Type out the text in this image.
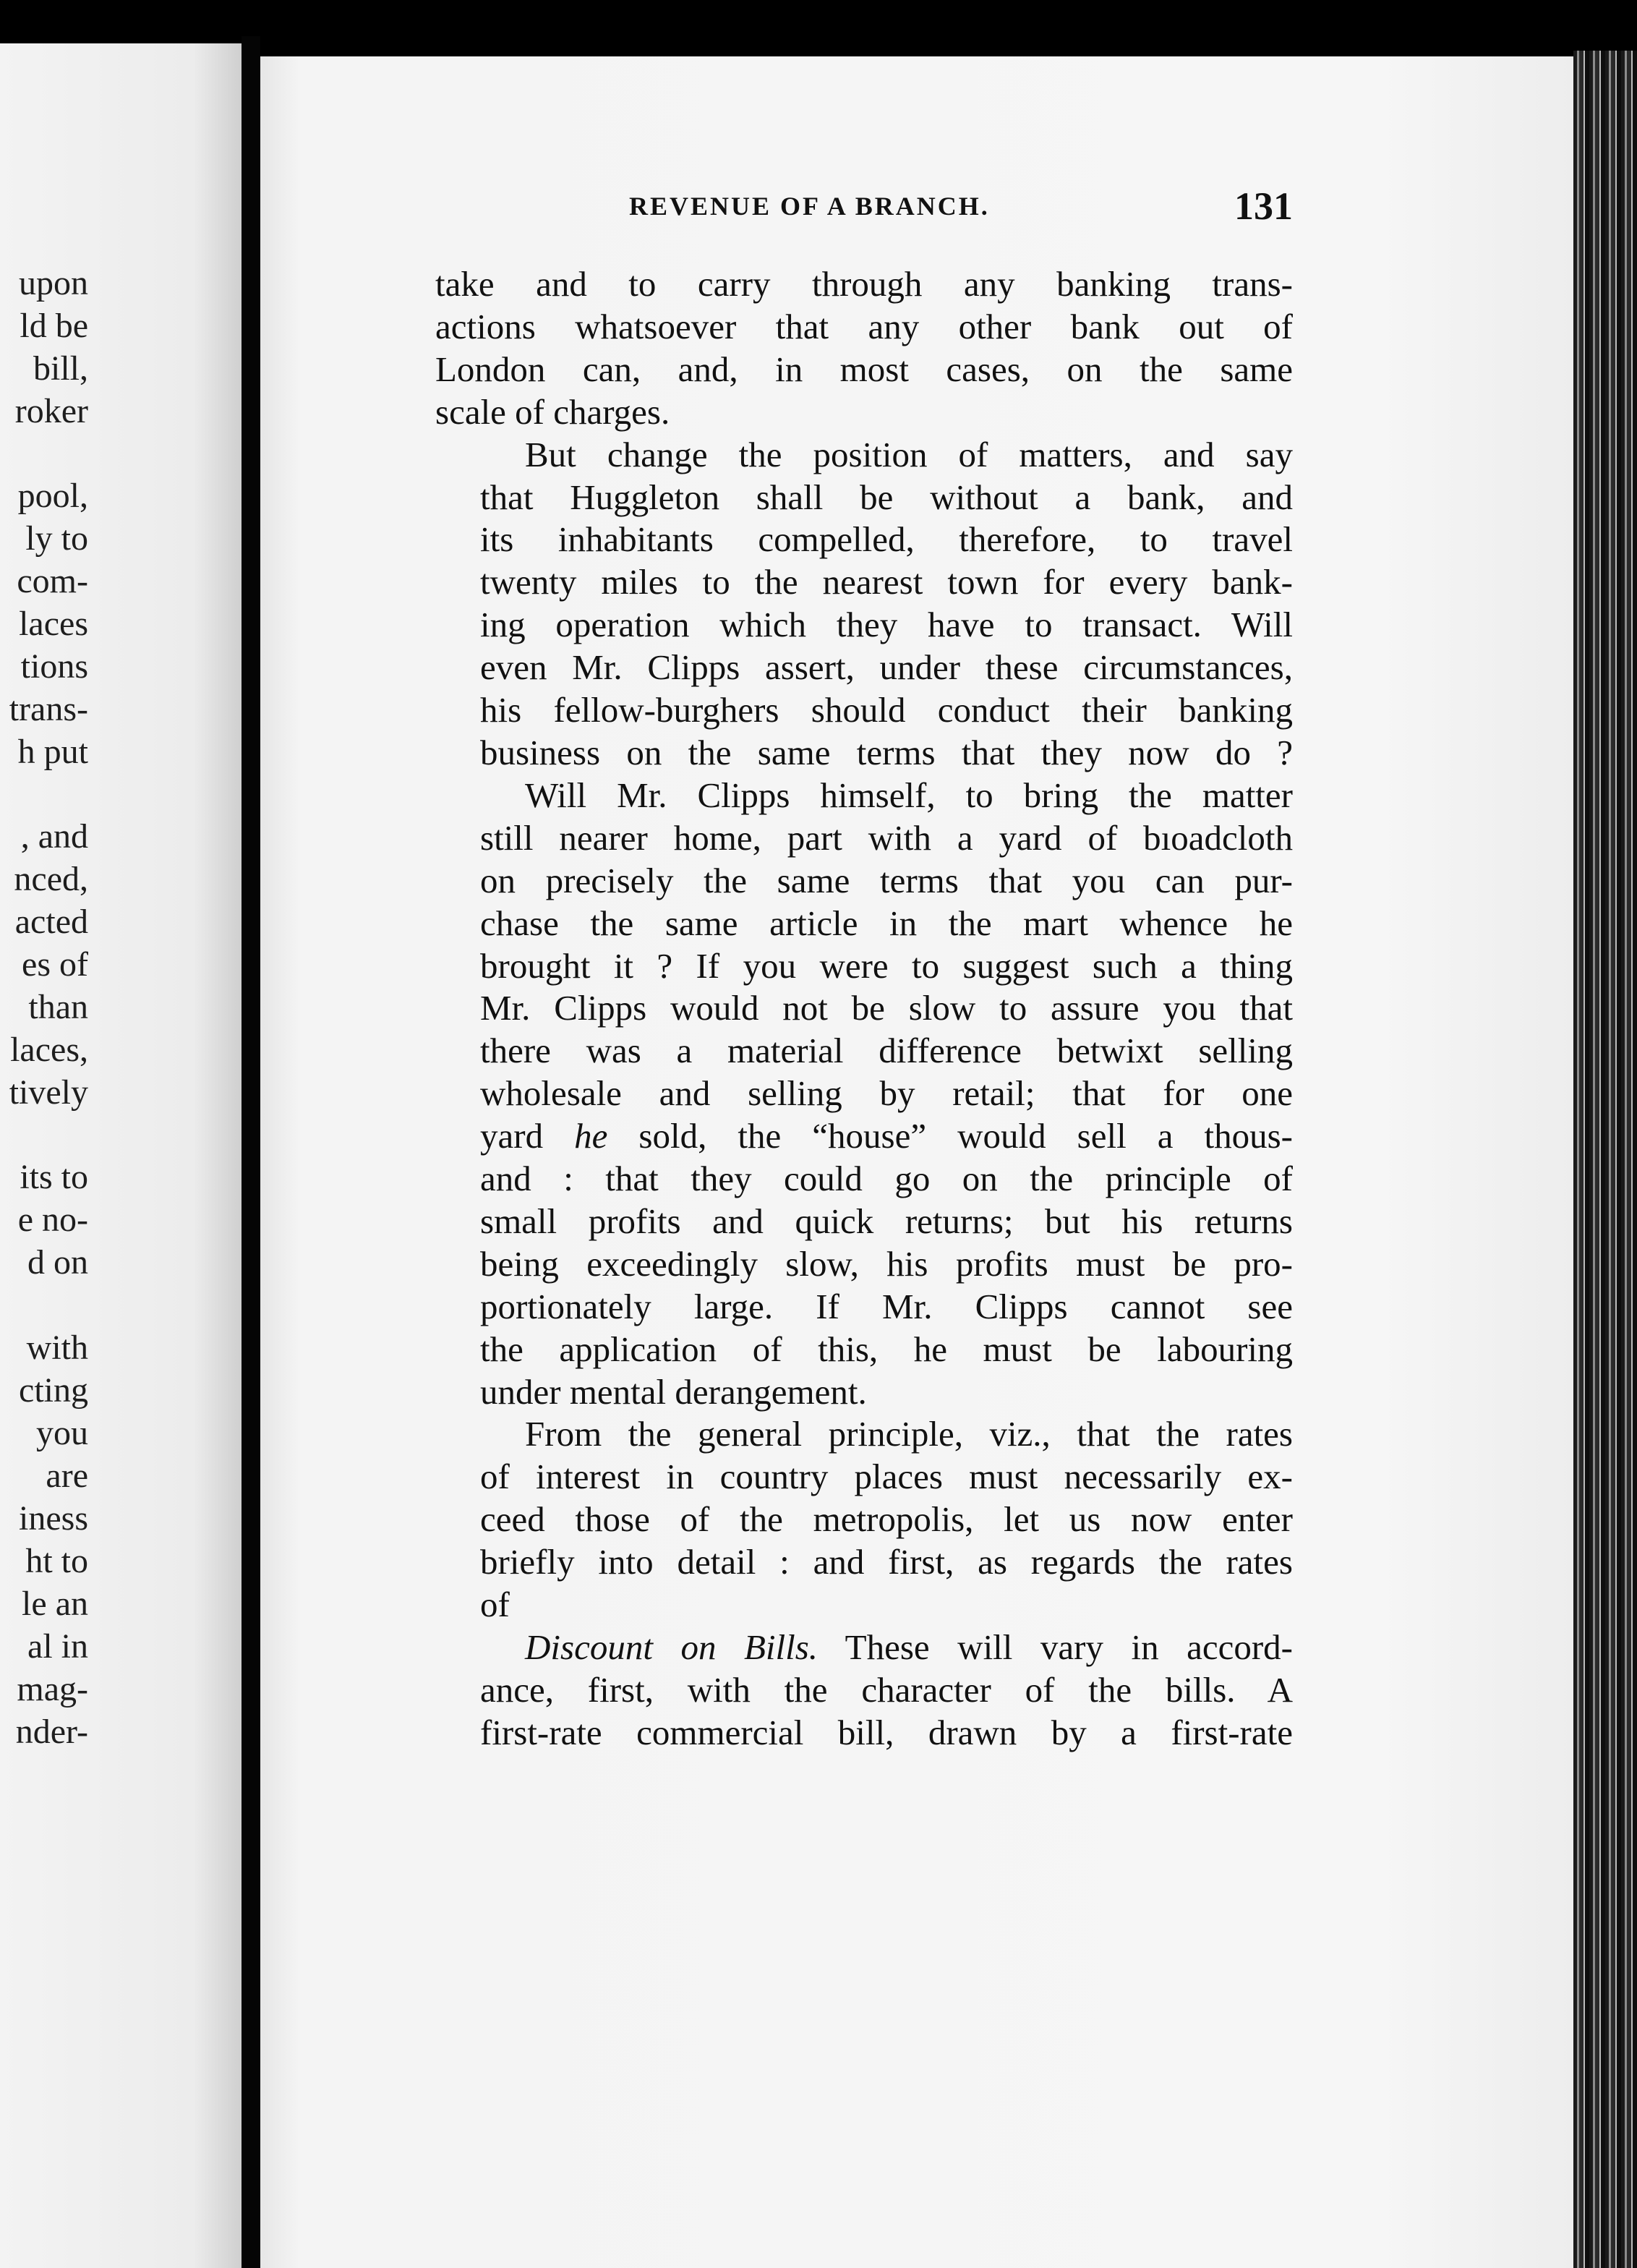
upon
ld be
bill,
roker
pool,
ly to
com-
laces
tions
trans-
h put
, and
nced,
acted
es of
than
laces,
tively
its to
e no-
d on
with
cting
you
are
iness
ht to
le an
al in
mag-
nder-
REVENUE OF A BRANCH.	131

take and to carry through any banking trans-
actions whatsoever that any other bank out of
London can, and, in most cases, on the same
scale of charges.

But change the position of matters, and say
that Huggleton shall be without a bank, and
its inhabitants compelled, therefore, to travel
twenty miles to the nearest town for every bank-
ing operation which they have to transact. Will
even Mr. Clipps assert, under these circumstances,
his fellow-burghers should conduct their banking
business on the same terms that they now do ?

Will Mr. Clipps himself, to bring the matter
still nearer home, part with a yard of bıoadcloth
on precisely the same terms that you can pur-
chase the same article in the mart whence he
brought it ? If you were to suggest such a thing
Mr. Clipps would not be slow to assure you that
there was a material difference betwixt selling
wholesale and selling by retail; that for one
yard he sold, the “house” would sell a thous-
and : that they could go on the principle of
small profits and quick returns; but his returns
being exceedingly slow, his profits must be pro-
portionately large. If Mr. Clipps cannot see
the application of this, he must be labouring
under mental derangement.

From the general principle, viz., that the rates
of interest in country places must necessarily ex-
ceed those of the metropolis, let us now enter
briefly into detail : and first, as regards the rates
of

Discount on Bills. These will vary in accord-
ance, first, with the character of the bills. A
first-rate commercial bill, drawn by a first-rate
